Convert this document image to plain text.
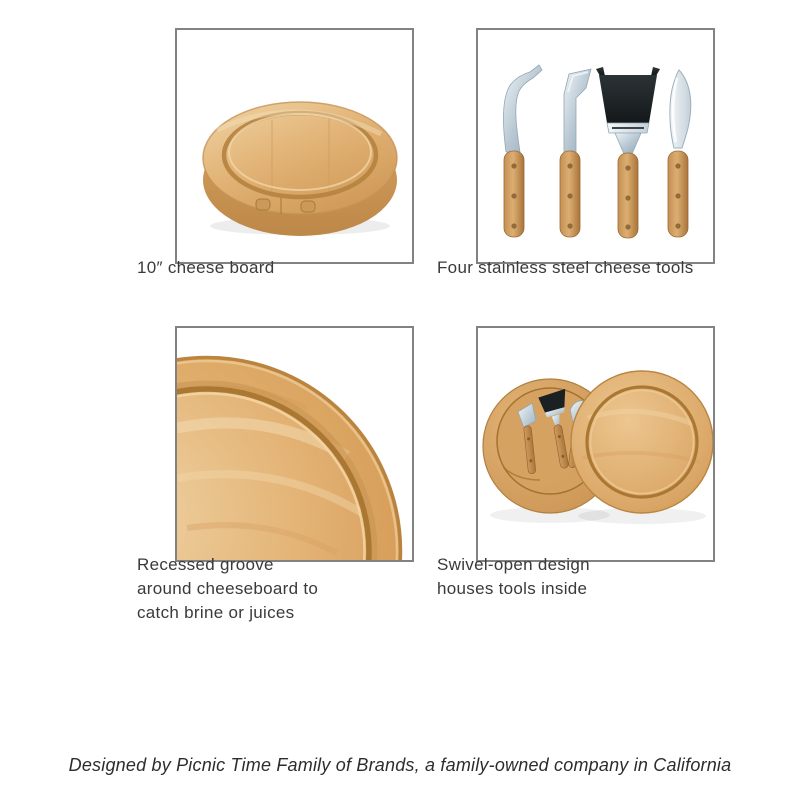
10″ cheese board	Four stainless steel cheese tools

Recessed groove around cheeseboard to catch brine or juices

Swivel-open design houses tools inside

Designed by Picnic Time Family of Brands, a family-owned company in California
